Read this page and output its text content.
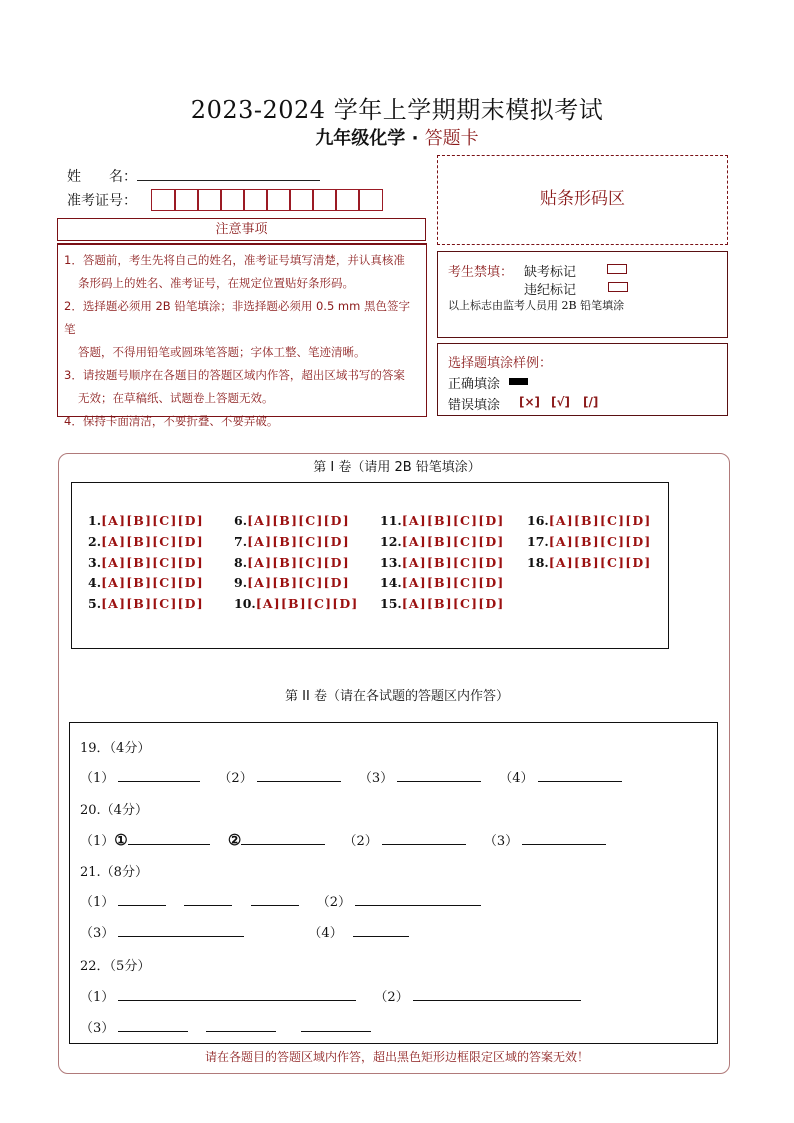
2023-2024 学年上学期期末模拟考试
九年级化学 · 答题卡
姓　　名：
准考证号：
注意事项
1．答题前，考生先将自己的姓名，准考证号填写清楚，并认真核准
条形码上的姓名、准考证号，在规定位置贴好条形码。
2．选择题必须用 2B 铅笔填涂；非选择题必须用 0.5 mm 黑色签字笔
答题，不得用铅笔或圆珠笔答题；字体工整、笔迹清晰。
3．请按题号顺序在各题目的答题区域内作答，超出区域书写的答案
无效；在草稿纸、试题卷上答题无效。
4．保持卡面清洁，不要折叠、不要弄破。
贴条形码区
考生禁填： 缺考标记
违纪标记
以上标志由监考人员用 2B 铅笔填涂
选择题填涂样例：
正确填涂
错误填涂 [×] [√] [/]
第 I 卷（请用 2B 铅笔填涂）
1.[A][B][C][D]
2.[A][B][C][D]
3.[A][B][C][D]
4.[A][B][C][D]
5.[A][B][C][D]
6.[A][B][C][D]
7.[A][B][C][D]
8.[A][B][C][D]
9.[A][B][C][D]
10.[A][B][C][D]
11.[A][B][C][D]
12.[A][B][C][D]
13.[A][B][C][D]
14.[A][B][C][D]
15.[A][B][C][D]
16.[A][B][C][D]
17.[A][B][C][D]
18.[A][B][C][D]
第 II 卷（请在各试题的答题区内作答）
19．（4分）
（1）	（2）	（3）	（4）
20.（4分）
（1）①	②	（2）	（3）
21.（8分）
（1）	（2）
（3）	（4）
22．（5分）
（1）	（2）
（3）
请在各题目的答题区域内作答，超出黑色矩形边框限定区域的答案无效！
